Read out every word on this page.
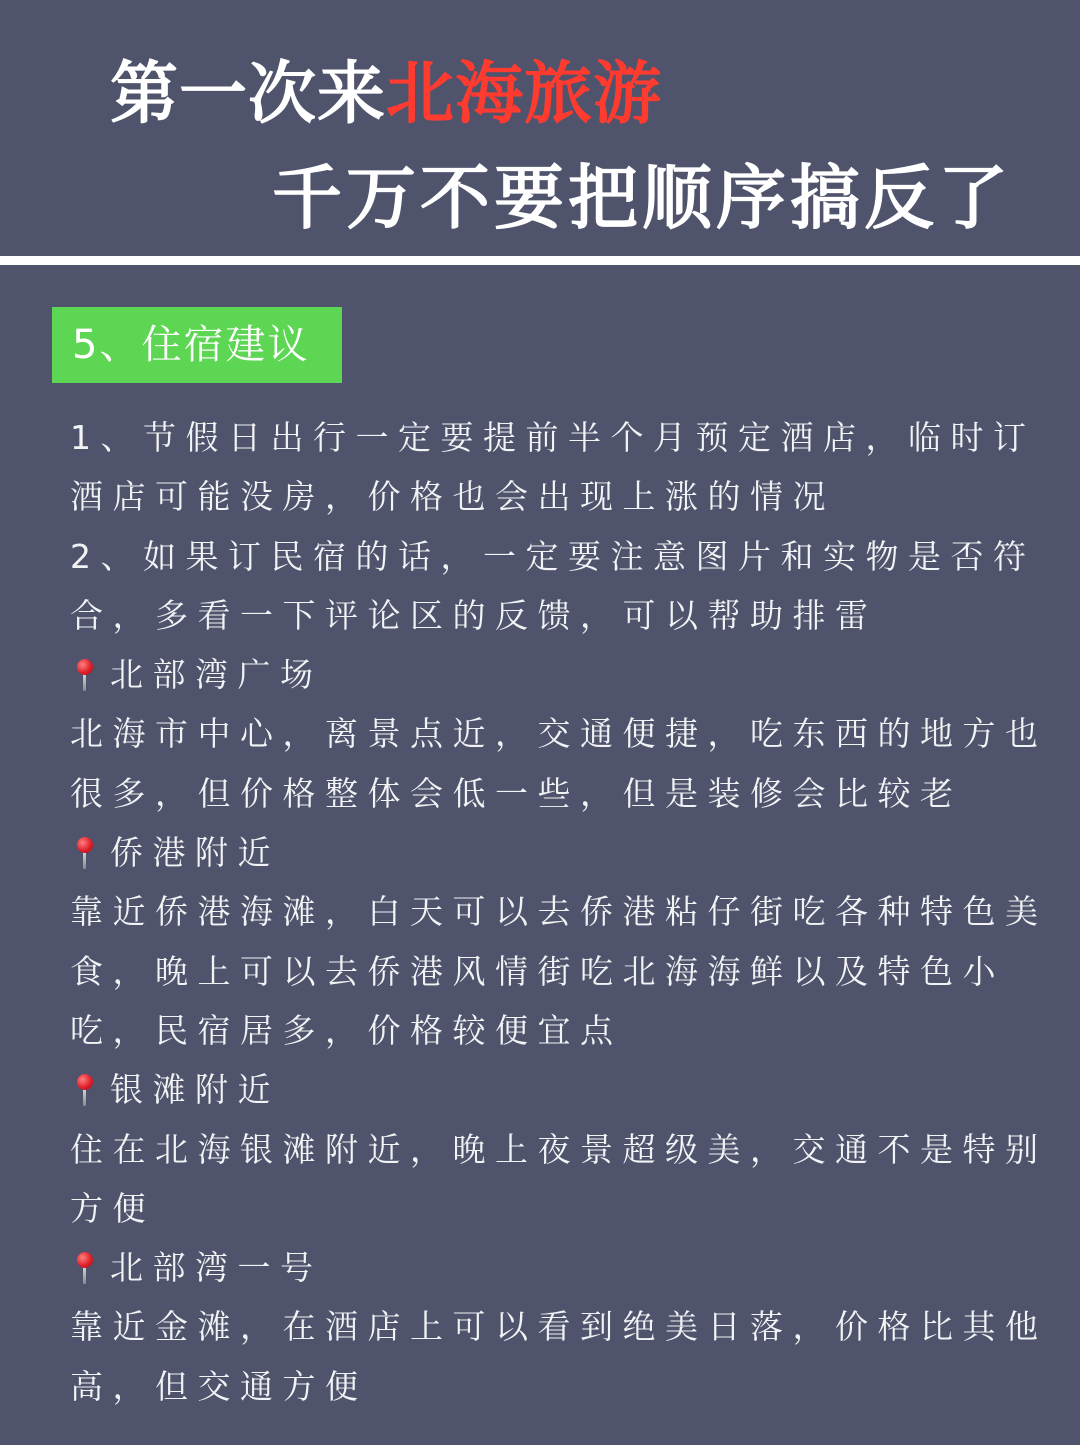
第一次来北海旅游
千万不要把顺序搞反了
5、住宿建议
1、节假日出行一定要提前半个月预定酒店，临时订
酒店可能没房，价格也会出现上涨的情况
2、如果订民宿的话，一定要注意图片和实物是否符
合，多看一下评论区的反馈，可以帮助排雷
北部湾广场
北海市中心，离景点近，交通便捷，吃东西的地方也
很多，但价格整体会低一些，但是装修会比较老
侨港附近
靠近侨港海滩，白天可以去侨港粘仔街吃各种特色美
食，晚上可以去侨港风情街吃北海海鲜以及特色小
吃，民宿居多，价格较便宜点
银滩附近
住在北海银滩附近，晚上夜景超级美，交通不是特别
方便
北部湾一号
靠近金滩，在酒店上可以看到绝美日落，价格比其他
高，但交通方便
